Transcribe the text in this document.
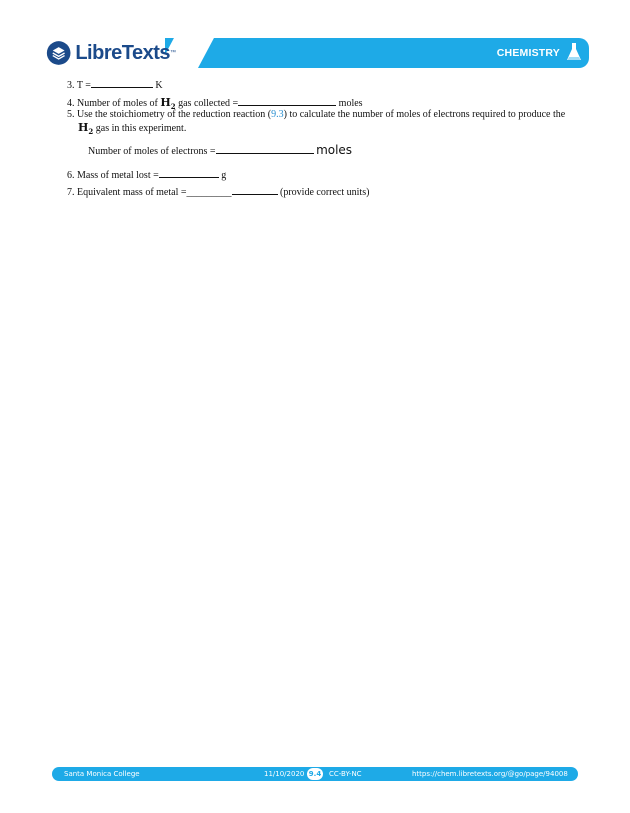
LibreTexts ™	CHEMISTRY
3. T =	K
4. Number of moles of $H_2$ gas collected =	moles
5. Use the stoichiometry of the reduction reaction (9.3) to calculate the number of moles of electrons required to produce the
$H_2$ gas in this experiment.
Number of moles of electrons =	moles
6. Mass of metal lost =	g
7. Equivalent mass of metal =_________	(provide correct units)
Santa Monica College	11/10/2020 9.4 CC-BY-NC	https://chem.libretexts.org/@go/page/94008
